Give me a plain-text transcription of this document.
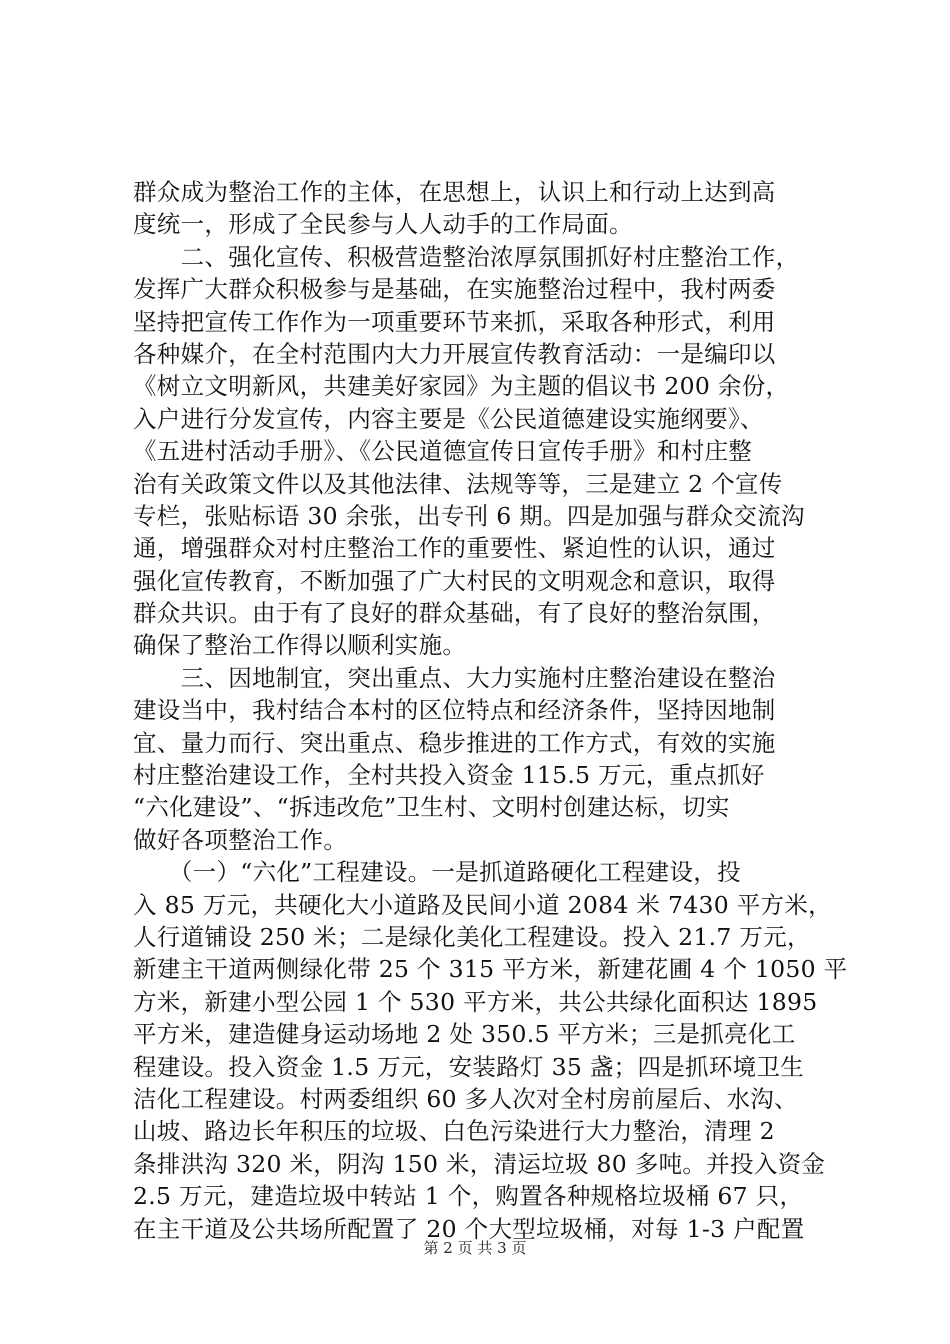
群众成为整治工作的主体，在思想上，认识上和行动上达到高
度统一，形成了全民参与人人动手的工作局面。
　　二、强化宣传、积极营造整治浓厚氛围抓好村庄整治工作，
发挥广大群众积极参与是基础，在实施整治过程中，我村两委
坚持把宣传工作作为一项重要环节来抓，采取各种形式，利用
各种媒介，在全村范围内大力开展宣传教育活动：一是编印以
《树立文明新风，共建美好家园》为主题的倡议书 200 余份，
入户进行分发宣传，内容主要是《公民道德建设实施纲要》、
《五进村活动手册》、《公民道德宣传日宣传手册》和村庄整
治有关政策文件以及其他法律、法规等等，三是建立 2 个宣传
专栏，张贴标语 30 余张，出专刊 6 期。四是加强与群众交流沟
通，增强群众对村庄整治工作的重要性、紧迫性的认识，通过
强化宣传教育，不断加强了广大村民的文明观念和意识，取得
群众共识。由于有了良好的群众基础，有了良好的整治氛围，
确保了整治工作得以顺利实施。
　　三、因地制宜，突出重点、大力实施村庄整治建设在整治
建设当中，我村结合本村的区位特点和经济条件，坚持因地制
宜、量力而行、突出重点、稳步推进的工作方式，有效的实施
村庄整治建设工作，全村共投入资金 115.5 万元，重点抓好
“六化建设”、“拆违改危”卫生村、文明村创建达标，切实
做好各项整治工作。
　　（一）“六化”工程建设。一是抓道路硬化工程建设，投
入 85 万元，共硬化大小道路及民间小道 2084 米 7430 平方米，
人行道铺设 250 米；二是绿化美化工程建设。投入 21.7 万元，
新建主干道两侧绿化带 25 个 315 平方米，新建花圃 4 个 1050 平
方米，新建小型公园 1 个 530 平方米，共公共绿化面积达 1895
平方米，建造健身运动场地 2 处 350.5 平方米；三是抓亮化工
程建设。投入资金 1.5 万元，安装路灯 35 盏；四是抓环境卫生
洁化工程建设。村两委组织 60 多人次对全村房前屋后、水沟、
山坡、路边长年积压的垃圾、白色污染进行大力整治，清理 2
条排洪沟 320 米，阴沟 150 米，清运垃圾 80 多吨。并投入资金
2.5 万元，建造垃圾中转站 1 个，购置各种规格垃圾桶 67 只，
在主干道及公共场所配置了 20 个大型垃圾桶，对每 1-3 户配置
第 2 页 共 3 页
